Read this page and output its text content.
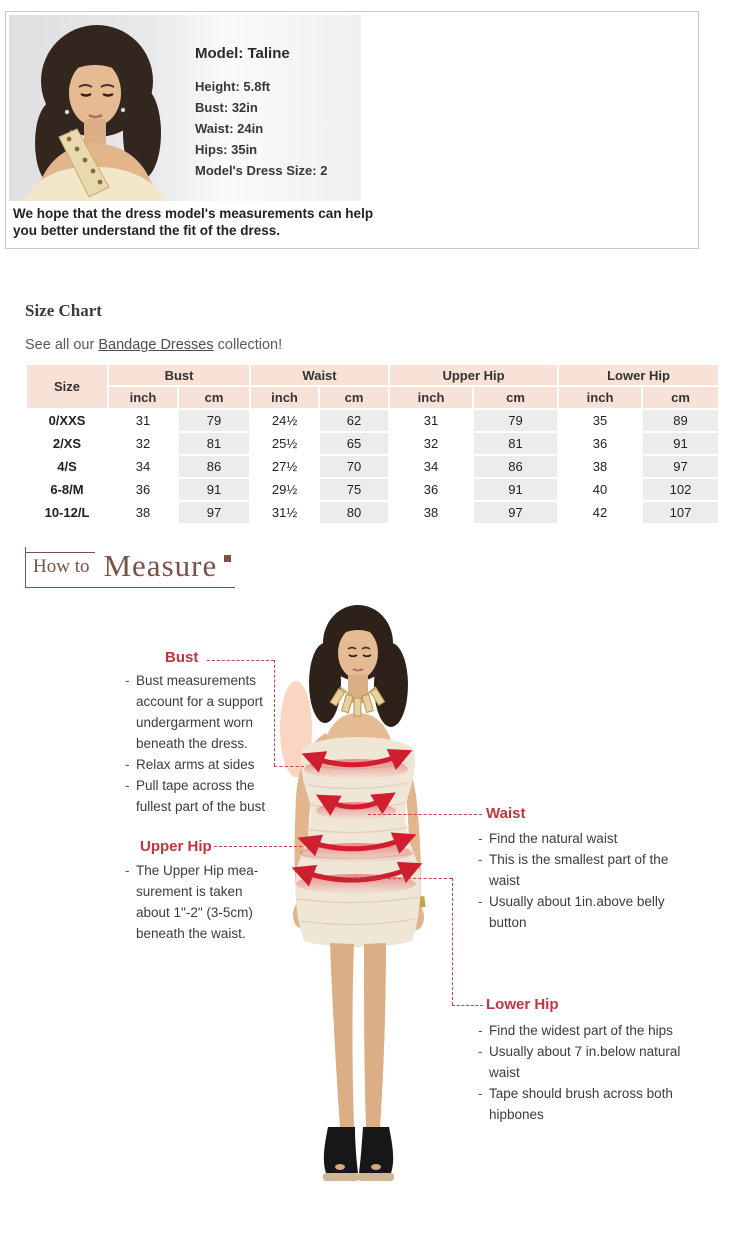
Model: Taline
Height: 5.8ft
Bust: 32in
Waist: 24in
Hips: 35in
Model's Dress Size: 2
We hope that the dress model's measurements can help
you better understand the fit of the dress.
Size Chart
See all our Bandage Dresses collection!
Size	Bust		Waist		Upper Hip		Lower Hip	
	inch	cm	inch	cm	inch	cm	inch	cm
0/XXS	31	79	24½	62	31	79	35	89
2/XS	32	81	25½	65	32	81	36	91
4/S	34	86	27½	70	34	86	38	97
6-8/M	36	91	29½	75	36	91	40	102
10-12/L	38	97	31½	80	38	97	42	107
How to Measure
Bust
- Bust measurements account for a support undergarment worn beneath the dress.
- Relax arms at sides
- Pull tape across the fullest part of the bust
Upper Hip
- The Upper Hip mea-surement is taken about 1"-2" (3-5cm) beneath the waist.
Waist
- Find the natural waist
- This is the smallest part of the waist
- Usually about 1in.above belly button
Lower Hip
- Find the widest part of the hips
- Usually about 7 in.below natural waist
- Tape should brush across both hipbones
